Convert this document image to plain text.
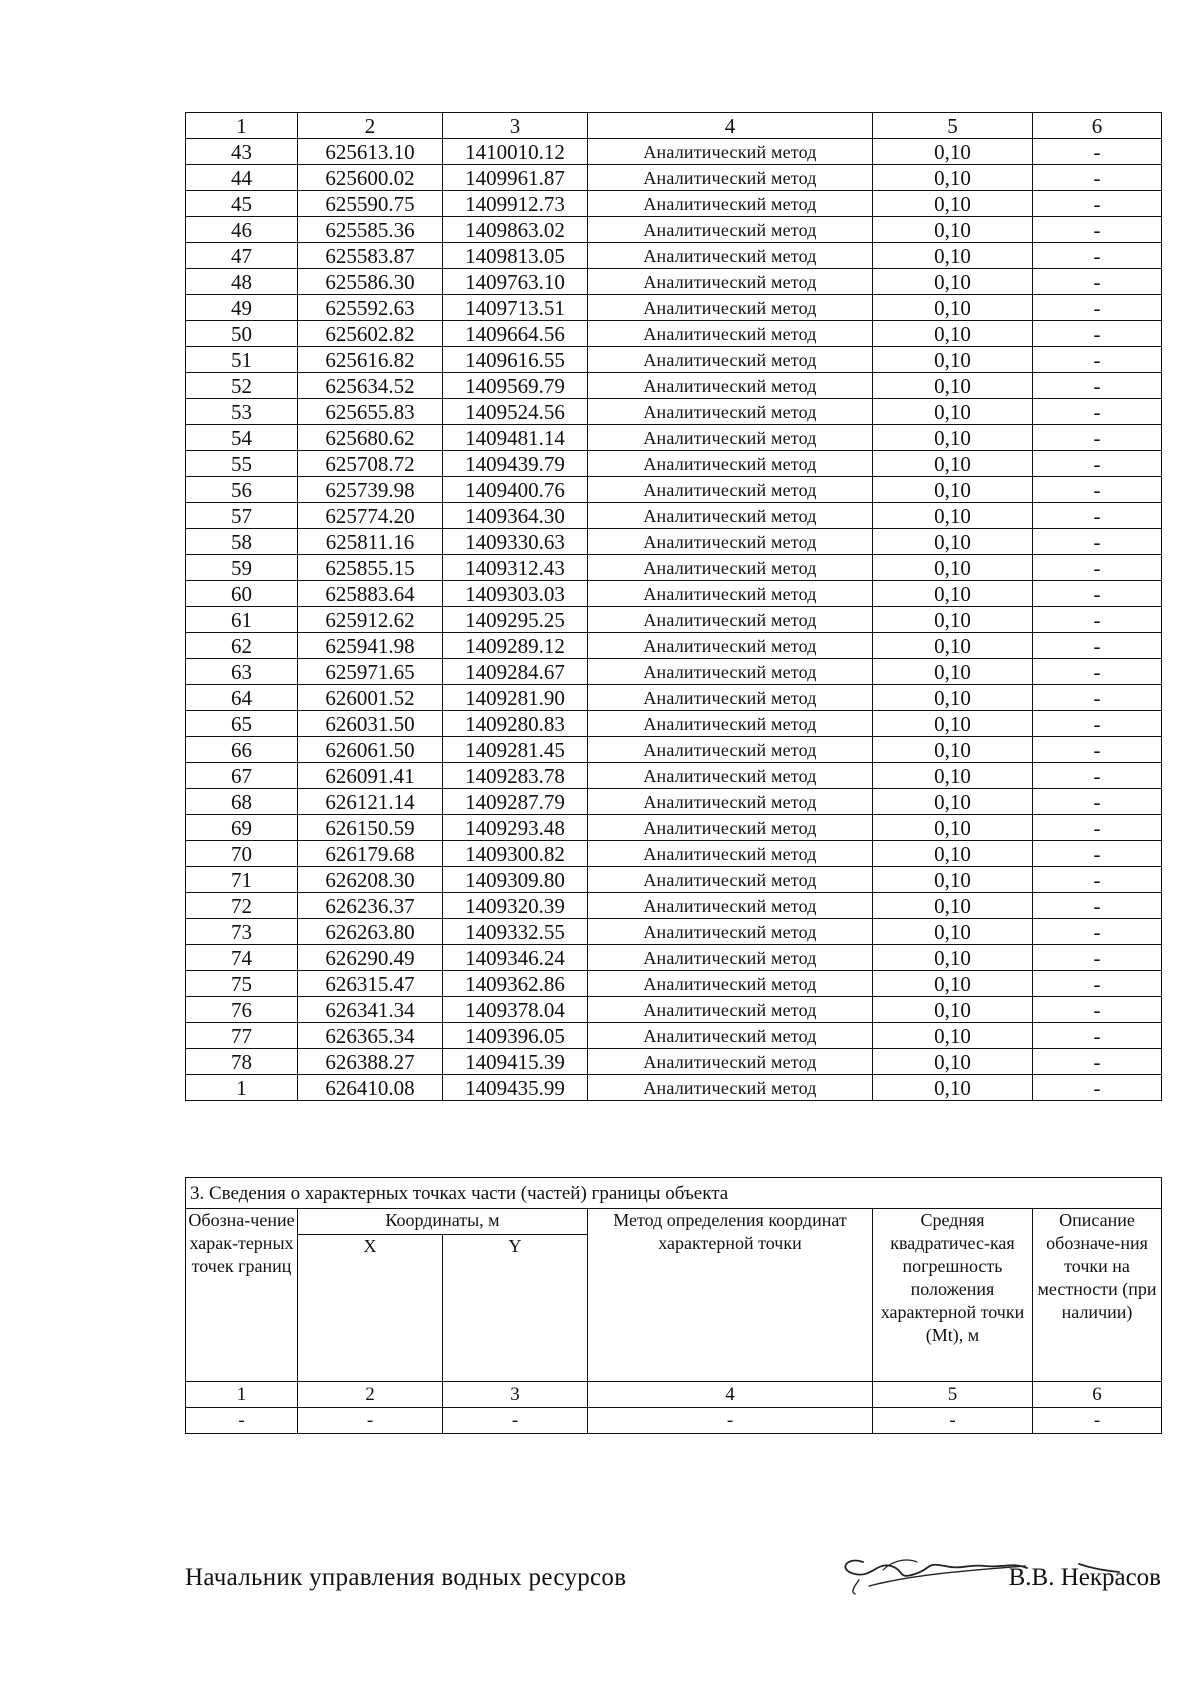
1	2	3	4	5	6
43	625613.10	1410010.12	Аналитический метод	0,10	-
44	625600.02	1409961.87	Аналитический метод	0,10	-
45	625590.75	1409912.73	Аналитический метод	0,10	-
46	625585.36	1409863.02	Аналитический метод	0,10	-
47	625583.87	1409813.05	Аналитический метод	0,10	-
48	625586.30	1409763.10	Аналитический метод	0,10	-
49	625592.63	1409713.51	Аналитический метод	0,10	-
50	625602.82	1409664.56	Аналитический метод	0,10	-
51	625616.82	1409616.55	Аналитический метод	0,10	-
52	625634.52	1409569.79	Аналитический метод	0,10	-
53	625655.83	1409524.56	Аналитический метод	0,10	-
54	625680.62	1409481.14	Аналитический метод	0,10	-
55	625708.72	1409439.79	Аналитический метод	0,10	-
56	625739.98	1409400.76	Аналитический метод	0,10	-
57	625774.20	1409364.30	Аналитический метод	0,10	-
58	625811.16	1409330.63	Аналитический метод	0,10	-
59	625855.15	1409312.43	Аналитический метод	0,10	-
60	625883.64	1409303.03	Аналитический метод	0,10	-
61	625912.62	1409295.25	Аналитический метод	0,10	-
62	625941.98	1409289.12	Аналитический метод	0,10	-
63	625971.65	1409284.67	Аналитический метод	0,10	-
64	626001.52	1409281.90	Аналитический метод	0,10	-
65	626031.50	1409280.83	Аналитический метод	0,10	-
66	626061.50	1409281.45	Аналитический метод	0,10	-
67	626091.41	1409283.78	Аналитический метод	0,10	-
68	626121.14	1409287.79	Аналитический метод	0,10	-
69	626150.59	1409293.48	Аналитический метод	0,10	-
70	626179.68	1409300.82	Аналитический метод	0,10	-
71	626208.30	1409309.80	Аналитический метод	0,10	-
72	626236.37	1409320.39	Аналитический метод	0,10	-
73	626263.80	1409332.55	Аналитический метод	0,10	-
74	626290.49	1409346.24	Аналитический метод	0,10	-
75	626315.47	1409362.86	Аналитический метод	0,10	-
76	626341.34	1409378.04	Аналитический метод	0,10	-
77	626365.34	1409396.05	Аналитический метод	0,10	-
78	626388.27	1409415.39	Аналитический метод	0,10	-
1	626410.08	1409435.99	Аналитический метод	0,10	-
3. Сведения о характерных точках части (частей) границы объекта					
Обозна-чение харак-терных точек границ	Координаты, м		Метод определения координат характерной точки	Средняя квадратичес-кая погрешность положения характерной точки (Mt), м	Описание обозначе-ния точки на местности (при наличии)
	X	Y			
1	2	3	4	5	6
-	-	-	-	-	-
Начальник управления водных ресурсов	В.В. Некрасов
